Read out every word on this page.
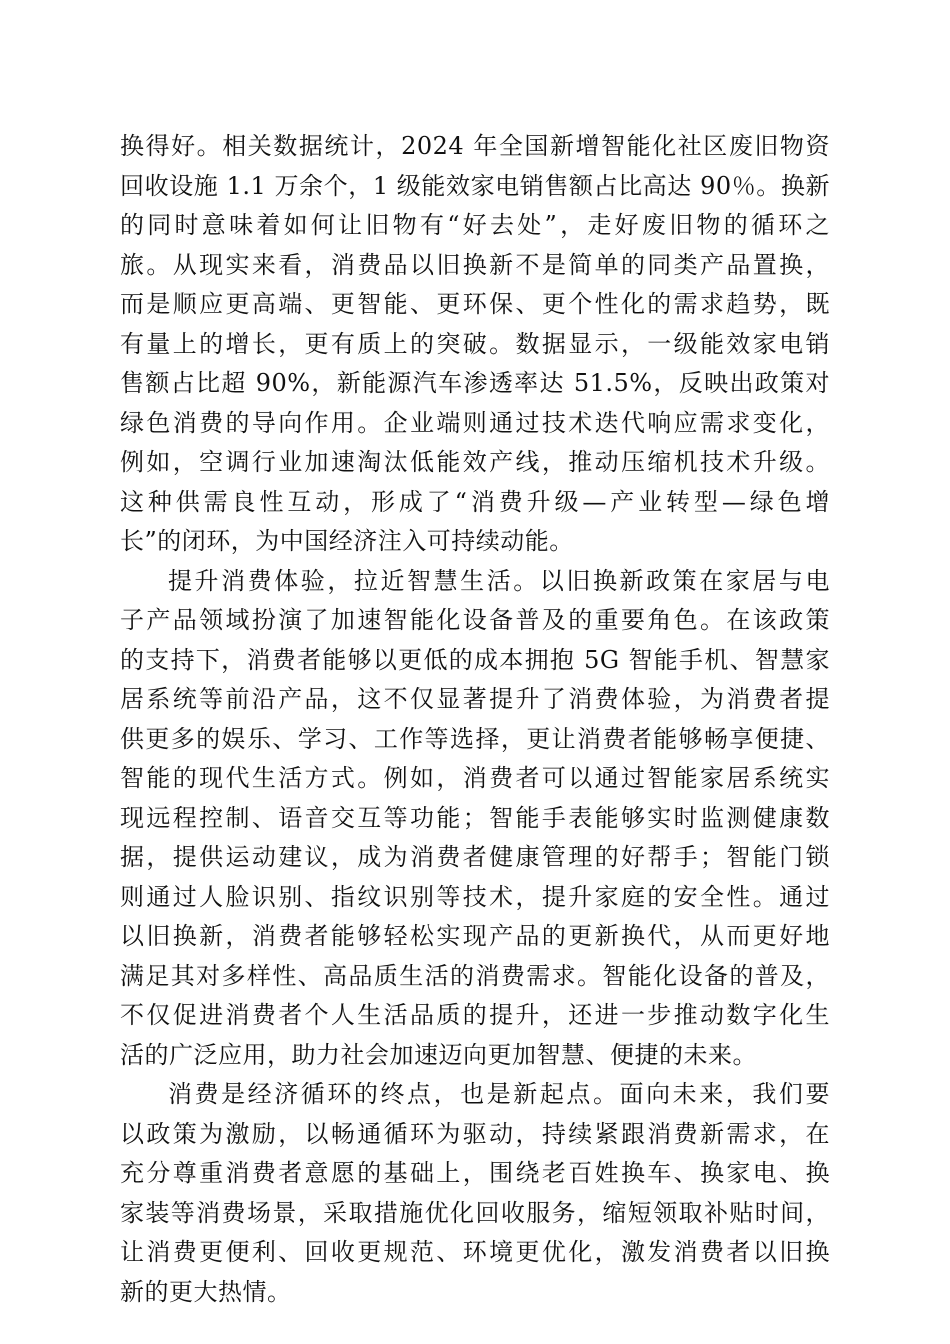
换得好。相关数据统计，2024 年全国新增智能化社区废旧物资
回收设施 1.1 万余个，1 级能效家电销售额占比高达 90％。换新
的同时意味着如何让旧物有“好去处”，走好废旧物的循环之
旅。从现实来看，消费品以旧换新不是简单的同类产品置换，
而是顺应更高端、更智能、更环保、更个性化的需求趋势，既
有量上的增长，更有质上的突破。数据显示，一级能效家电销
售额占比超 90%，新能源汽车渗透率达 51.5%，反映出政策对
绿色消费的导向作用。企业端则通过技术迭代响应需求变化，
例如，空调行业加速淘汰低能效产线，推动压缩机技术升级。
这种供需良性互动，形成了“消费升级—产业转型—绿色增
长”的闭环，为中国经济注入可持续动能。
提升消费体验，拉近智慧生活。以旧换新政策在家居与电
子产品领域扮演了加速智能化设备普及的重要角色。在该政策
的支持下，消费者能够以更低的成本拥抱 5G 智能手机、智慧家
居系统等前沿产品，这不仅显著提升了消费体验，为消费者提
供更多的娱乐、学习、工作等选择，更让消费者能够畅享便捷、
智能的现代生活方式。例如，消费者可以通过智能家居系统实
现远程控制、语音交互等功能；智能手表能够实时监测健康数
据，提供运动建议，成为消费者健康管理的好帮手；智能门锁
则通过人脸识别、指纹识别等技术，提升家庭的安全性。通过
以旧换新，消费者能够轻松实现产品的更新换代，从而更好地
满足其对多样性、高品质生活的消费需求。智能化设备的普及，
不仅促进消费者个人生活品质的提升，还进一步推动数字化生
活的广泛应用，助力社会加速迈向更加智慧、便捷的未来。
消费是经济循环的终点，也是新起点。面向未来，我们要
以政策为激励，以畅通循环为驱动，持续紧跟消费新需求，在
充分尊重消费者意愿的基础上，围绕老百姓换车、换家电、换
家装等消费场景，采取措施优化回收服务，缩短领取补贴时间，
让消费更便利、回收更规范、环境更优化，激发消费者以旧换
新的更大热情。
